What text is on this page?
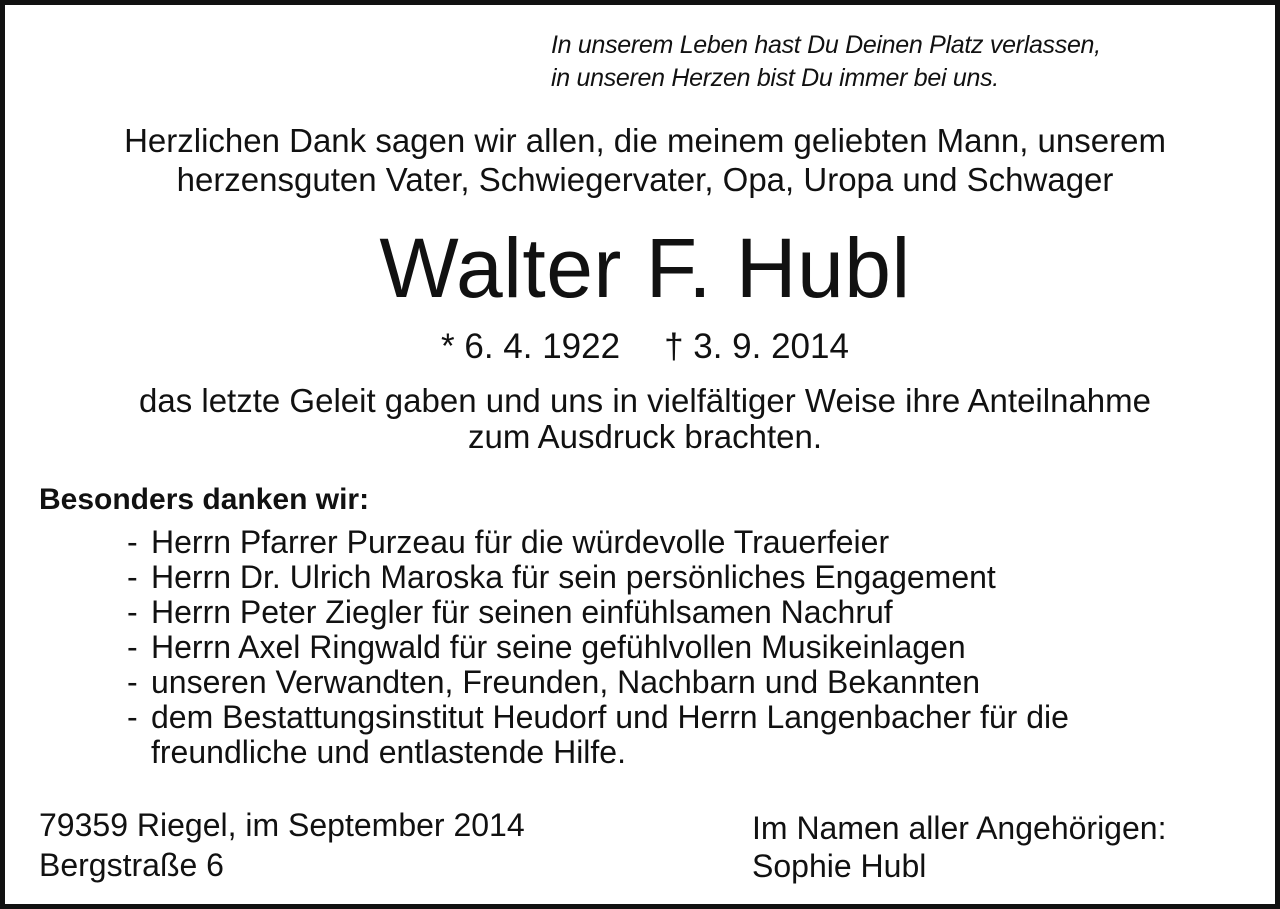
In unserem Leben hast Du Deinen Platz verlassen,
in unseren Herzen bist Du immer bei uns.
Herzlichen Dank sagen wir allen, die meinem geliebten Mann, unserem
herzensguten Vater, Schwiegervater, Opa, Uropa und Schwager
Walter F. Hubl
* 6. 4. 1922 † 3. 9. 2014
das letzte Geleit gaben und uns in vielfältiger Weise ihre Anteilnahme
zum Ausdruck brachten.
Besonders danken wir:
- Herrn Pfarrer Purzeau für die würdevolle Trauerfeier
- Herrn Dr. Ulrich Maroska für sein persönliches Engagement
- Herrn Peter Ziegler für seinen einfühlsamen Nachruf
- Herrn Axel Ringwald für seine gefühlvollen Musikeinlagen
- unseren Verwandten, Freunden, Nachbarn und Bekannten
- dem Bestattungsinstitut Heudorf und Herrn Langenbacher für die
freundliche und entlastende Hilfe.
79359 Riegel, im September 2014
Bergstraße 6
Im Namen aller Angehörigen:
Sophie Hubl
